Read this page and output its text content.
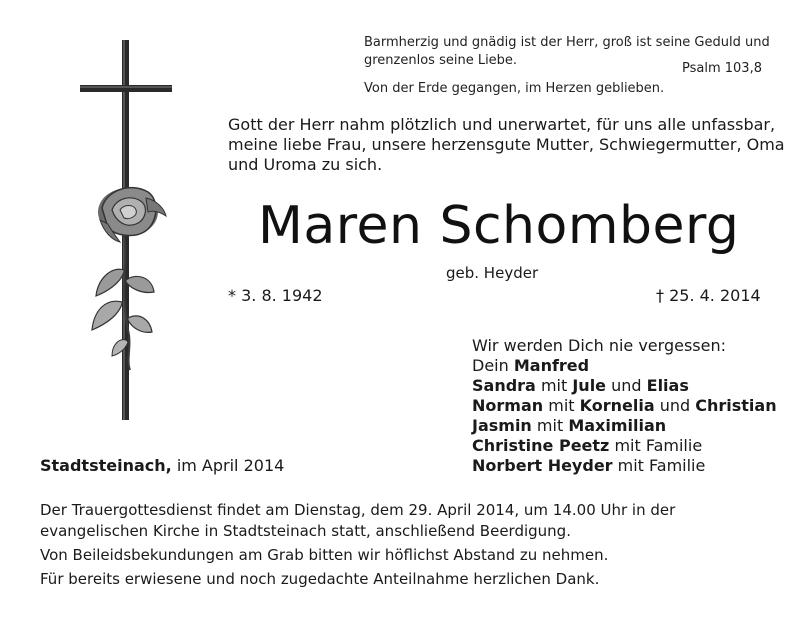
Barmherzig und gnädig ist der Herr, groß ist seine Geduld und
grenzenlos seine Liebe.
Psalm 103,8
Von der Erde gegangen, im Herzen geblieben.
Gott der Herr nahm plötzlich und unerwartet, für uns alle unfassbar,
meine liebe Frau, unsere herzensgute Mutter, Schwiegermutter, Oma
und Uroma zu sich.
Maren Schomberg
geb. Heyder
* 3. 8. 1942	† 25. 4. 2014
Wir werden Dich nie vergessen:
Dein Manfred
Sandra mit Jule und Elias
Norman mit Kornelia und Christian
Jasmin mit Maximilian
Christine Peetz mit Familie
Norbert Heyder mit Familie
Stadtsteinach, im April 2014
Der Trauergottesdienst findet am Dienstag, dem 29. April 2014, um 14.00 Uhr in der
evangelischen Kirche in Stadtsteinach statt, anschließend Beerdigung.
Von Beileidsbekundungen am Grab bitten wir höflichst Abstand zu nehmen.
Für bereits erwiesene und noch zugedachte Anteilnahme herzlichen Dank.
